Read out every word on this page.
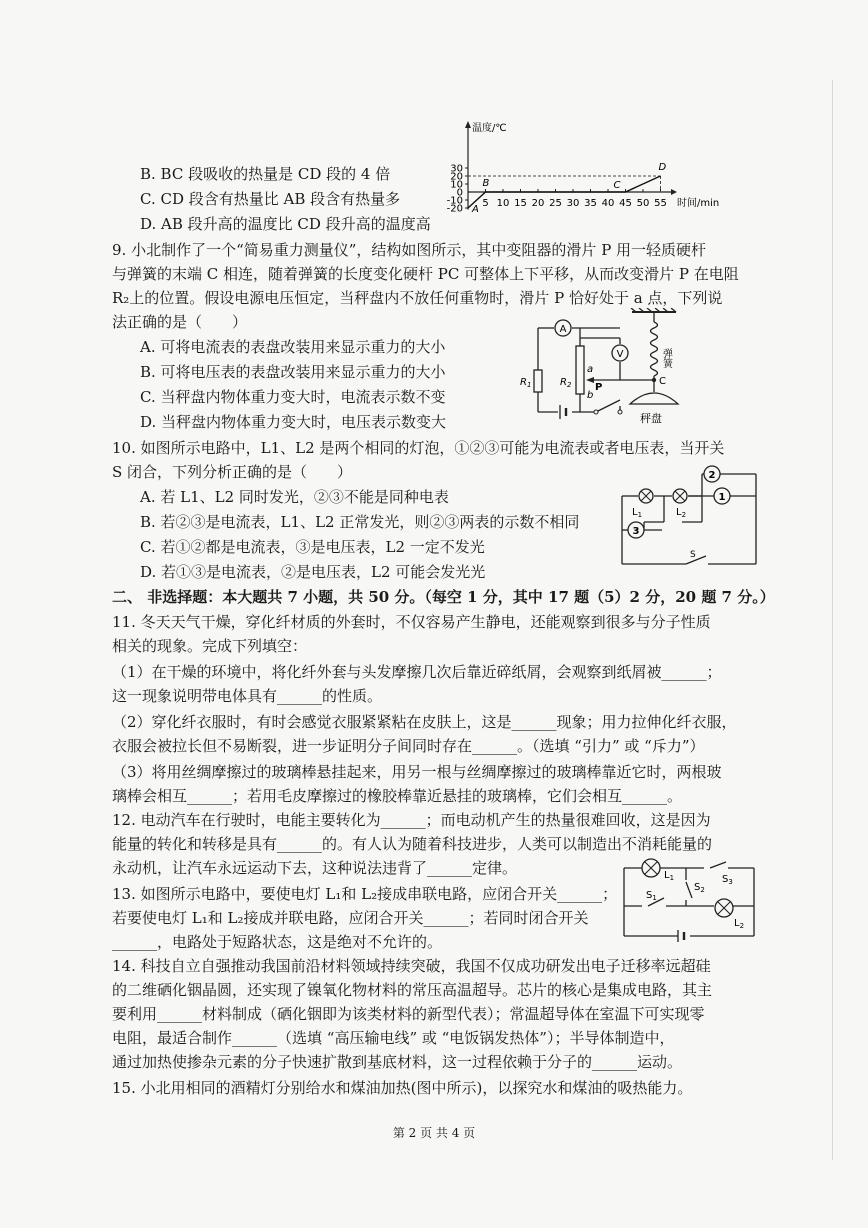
B. BC 段吸收的热量是 CD 段的 4 倍
C. CD 段含有热量比 AB 段含有热量多
D. AB 段升高的温度比 CD 段升高的温度高
温度/℃
时间/min
30
20
10
0
-10
-20 5 10 15 20 25 30 35 40 45 50 55
A
B	C
D
9. 小北制作了一个“简易重力测量仪”，结构如图所示，其中变阻器的滑片 P 用一轻质硬杆
与弹簧的末端 C 相连，随着弹簧的长度变化硬杆 PC 可整体上下平移，从而改变滑片 P 在电阻
R₂上的位置。假设电源电压恒定，当秤盘内不放任何重物时，滑片 P 恰好处于 a 点，下列说
法正确的是（　　）
A. 可将电流表的表盘改装用来显示重力的大小
B. 可将电压表的表盘改装用来显示重力的大小
C. 当秤盘内物体重力变大时，电流表示数不变
D. 当秤盘内物体重力变大时，电压表示数变大
A
V
$R_1$	$R_2$
a
b
P
C
弹簧
秤盘
10. 如图所示电路中，L1、L2 是两个相同的灯泡，①②③可能为电流表或者电压表，当开关
S 闭合，下列分析正确的是（　　）
A. 若 L1、L2 同时发光，②③不能是同种电表
B. 若②③是电流表，L1、L2 正常发光，则②③两表的示数不相同
C. 若①②都是电流表，③是电压表，L2 一定不发光
D. 若①③是电流表，②是电压表，L2 可能会发光光
2
1
3
$L_1$	$L_2$
S
二、 非选择题：本大题共 7 小题，共 50 分。（每空 1 分，其中 17 题（5）2 分，20 题 7 分。）
11. 冬天天气干燥，穿化纤材质的外套时，不仅容易产生静电，还能观察到很多与分子性质
相关的现象。完成下列填空：
（1）在干燥的环境中，将化纤外套与头发摩擦几次后靠近碎纸屑，会观察到纸屑被______；
这一现象说明带电体具有______的性质。
（2）穿化纤衣服时，有时会感觉衣服紧紧粘在皮肤上，这是______现象；用力拉伸化纤衣服，
衣服会被拉长但不易断裂，进一步证明分子间同时存在______。（选填 “引力” 或 “斥力”）
（3）将用丝绸摩擦过的玻璃棒悬挂起来，用另一根与丝绸摩擦过的玻璃棒靠近它时，两根玻
璃棒会相互______；若用毛皮摩擦过的橡胶棒靠近悬挂的玻璃棒，它们会相互______。
12. 电动汽车在行驶时，电能主要转化为______；而电动机产生的热量很难回收，这是因为
能量的转化和转移是具有______的。有人认为随着科技进步，人类可以制造出不消耗能量的
永动机，让汽车永远运动下去，这种说法违背了______定律。
13. 如图所示电路中，要使电灯 L₁和 L₂接成串联电路，应闭合开关______；
若要使电灯 L₁和 L₂接成并联电路，应闭合开关______；若同时闭合开关
______，电路处于短路状态，这是绝对不允许的。
$L_1$
$L_2$
$S_1$
$S_2$
$S_3$
14. 科技自立自强推动我国前沿材料领域持续突破，我国不仅成功研发出电子迁移率远超硅
的二维硒化铟晶圆，还实现了镍氧化物材料的常压高温超导。芯片的核心是集成电路，其主
要利用______材料制成（硒化铟即为该类材料的新型代表）；常温超导体在室温下可实现零
电阻，最适合制作______（选填 “高压输电线” 或 “电饭锅发热体”）；半导体制造中，
通过加热使掺杂元素的分子快速扩散到基底材料，这一过程依赖于分子的______运动。
15. 小北用相同的酒精灯分别给水和煤油加热(图中所示)，以探究水和煤油的吸热能力。
第 2 页 共 4 页
